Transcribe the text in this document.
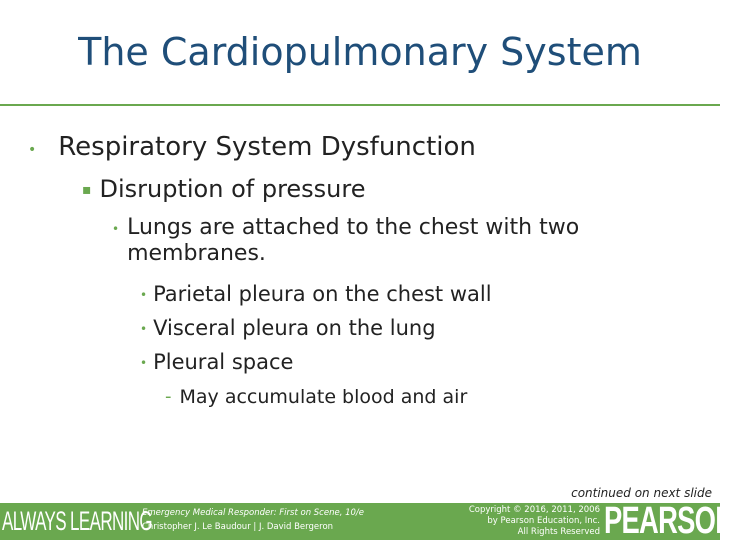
The Cardiopulmonary System
• Respiratory System Dysfunction
▪ Disruption of pressure
• Lungs are attached to the chest with two membranes.
• Parietal pleura on the chest wall
• Visceral pleura on the lung
• Pleural space
- May accumulate blood and air
continued on next slide
ALWAYS LEARNING
Emergency Medical Responder: First on Scene, 10/e
Christopher J. Le Baudour | J. David Bergeron
Copyright © 2016, 2011, 2006
by Pearson Education, Inc.
All Rights Reserved PEARSON
